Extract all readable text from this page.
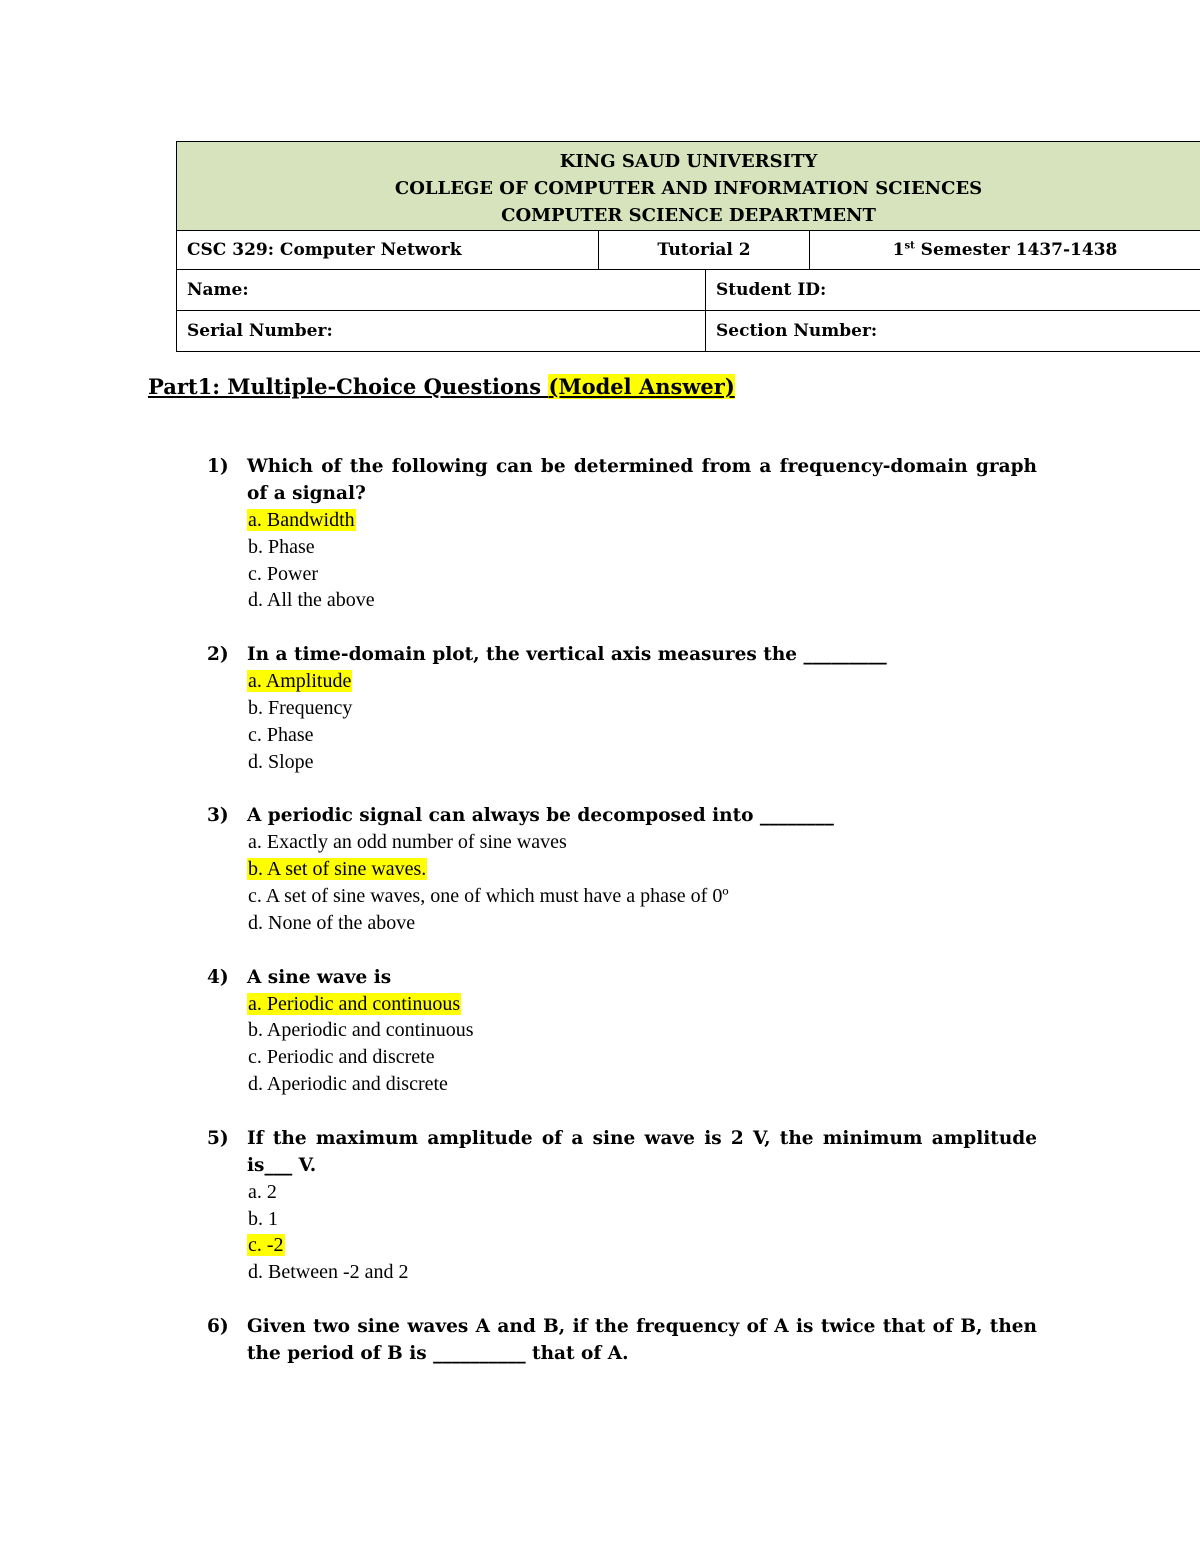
KING SAUD UNIVERSITY
COLLEGE OF COMPUTER AND INFORMATION SCIENCES
COMPUTER SCIENCE DEPARTMENT			

CSC 329: Computer Network	Tutorial 2		1st Semester 1437-1438
Name:		Student ID:	
Serial Number:		Section Number:	
Part1: Multiple-Choice Questions (Model Answer)
1) Which of the following can be determined from a frequency-domain graph of a signal?
a. Bandwidth
b. Phase
c. Power
d. All the above
2) In a time-domain plot, the vertical axis measures the _________
a. Amplitude
b. Frequency
c. Phase
d. Slope
3) A periodic signal can always be decomposed into ________
a. Exactly an odd number of sine waves
b. A set of sine waves.
c. A set of sine waves, one of which must have a phase of 0º
d. None of the above
4) A sine wave is
a. Periodic and continuous
b. Aperiodic and continuous
c. Periodic and discrete
d. Aperiodic and discrete
5) If the maximum amplitude of a sine wave is 2 V, the minimum amplitude is___ V.
a. 2
b. 1
c. -2
d. Between -2 and 2
6) Given two sine waves A and B, if the frequency of A is twice that of B, then the period of B is __________ that of A.
